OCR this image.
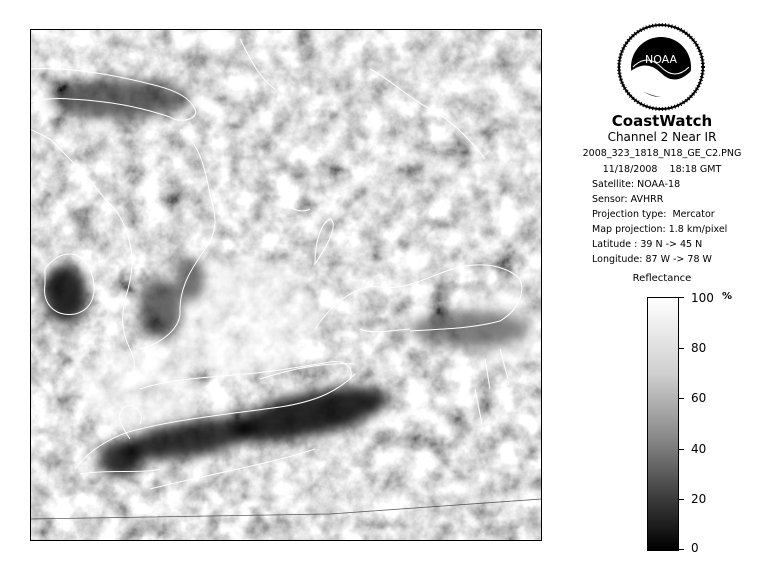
NOAA
CoastWatch
Channel 2 Near IR
2008_323_1818_N18_GE_C2.PNG
11/18/2008    18:18 GMT
Satellite: NOAA-18
Sensor: AVHRR
Projection type:  Mercator
Map projection: 1.8 km/pixel
Latitude : 39 N -> 45 N
Longitude: 87 W -> 78 W
Reflectance
100
80
60
40
20
0
%
